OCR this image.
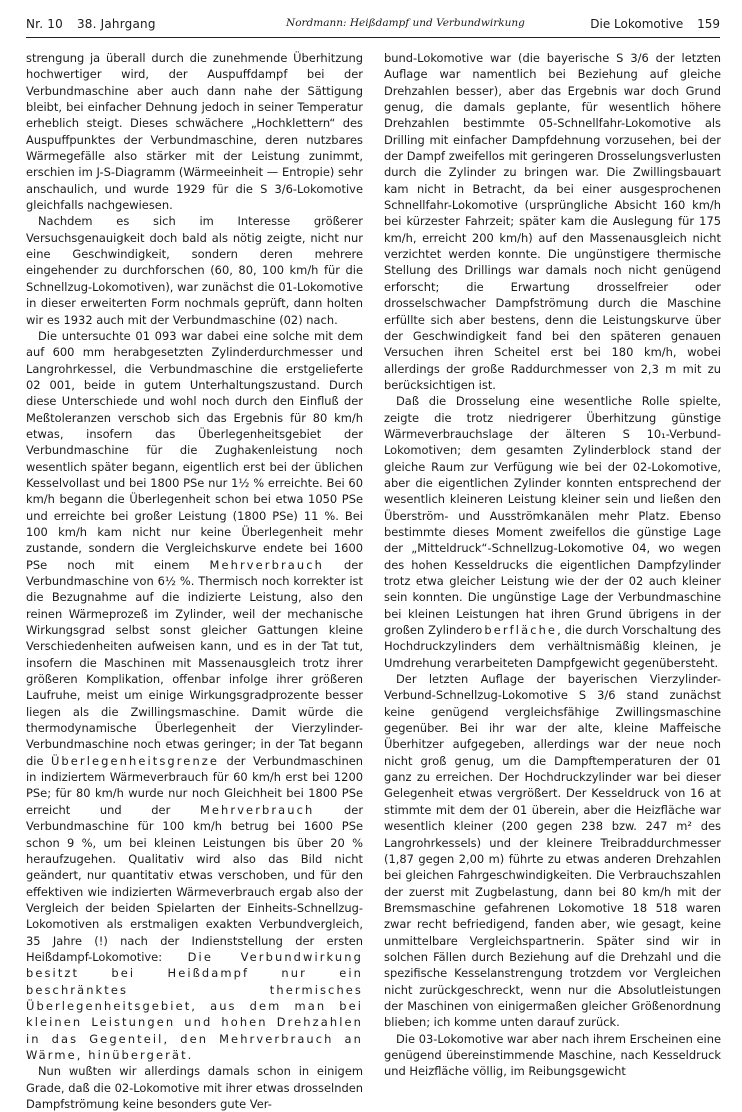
Nr. 10 38. Jahrgang	Nordmann: Heißdampf und Verbundwirkung	Die Lokomotive 159

strengung ja überall durch die zunehmende Überhitzung hochwertiger wird, der Auspuffdampf bei der Verbundmaschine aber auch dann nahe der Sättigung bleibt, bei einfacher Dehnung jedoch in seiner Temperatur erheblich steigt. Dieses schwächere „Hochklettern“ des Auspuffpunktes der Verbundmaschine, deren nutzbares Wärmegefälle also stärker mit der Leistung zunimmt, erschien im J-S-Diagramm (Wärmeeinheit — Entropie) sehr anschaulich, und wurde 1929 für die S 3/6-Lokomotive gleichfalls nachgewiesen.

Nachdem es sich im Interesse größerer Versuchsgenauigkeit doch bald als nötig zeigte, nicht nur eine Geschwindigkeit, sondern deren mehrere eingehender zu durchforschen (60, 80, 100 km/h für die Schnellzug-Lokomotiven), war zunächst die 01-Lokomotive in dieser erweiterten Form nochmals geprüft, dann holten wir es 1932 auch mit der Verbundmaschine (02) nach.

Die untersuchte 01 093 war dabei eine solche mit dem auf 600 mm herabgesetzten Zylinderdurchmesser und Langrohrkessel, die Verbundmaschine die erstgelieferte 02 001, beide in gutem Unterhaltungszustand. Durch diese Unterschiede und wohl noch durch den Einfluß der Meßtoleranzen verschob sich das Ergebnis für 80 km/h etwas, insofern das Überlegenheitsgebiet der Verbundmaschine für die Zughakenleistung noch wesentlich später begann, eigentlich erst bei der üblichen Kesselvollast und bei 1800 PSe nur 1½ % erreichte. Bei 60 km/h begann die Überlegenheit schon bei etwa 1050 PSe und erreichte bei großer Leistung (1800 PSe) 11 %. Bei 100 km/h kam nicht nur keine Überlegenheit mehr zustande, sondern die Vergleichskurve endete bei 1600 PSe noch mit einem Mehrverbrauch der Verbundmaschine von 6½ %. Thermisch noch korrekter ist die Bezugnahme auf die indizierte Leistung, also den reinen Wärmeprozeß im Zylinder, weil der mechanische Wirkungsgrad selbst sonst gleicher Gattungen kleine Verschiedenheiten aufweisen kann, und es in der Tat tut, insofern die Maschinen mit Massenausgleich trotz ihrer größeren Komplikation, offenbar infolge ihrer größeren Laufruhe, meist um einige Wirkungsgradprozente besser liegen als die Zwillingsmaschine. Damit würde die thermodynamische Überlegenheit der Vierzylinder-Verbundmaschine noch etwas geringer; in der Tat begann die Überlegenheitsgrenze der Verbundmaschinen in indiziertem Wärmeverbrauch für 60 km/h erst bei 1200 PSe; für 80 km/h wurde nur noch Gleichheit bei 1800 PSe erreicht und der	Mehrverbrauch	der Verbundmaschine für 100 km/h betrug bei 1600 PSe schon 9 %, um bei kleinen Leistungen bis über 20 % heraufzugehen. Qualitativ wird also das Bild nicht geändert, nur quantitativ etwas verschoben, und für den effektiven wie indizierten Wärmeverbrauch ergab also der Vergleich der beiden Spielarten der Einheits-Schnellzug-Lokomotiven als erstmaligen exakten Verbundvergleich, 35 Jahre (!) nach der Indienststellung der ersten Heißdampf-Lokomotive: Die Verbundwirkung besitzt bei Heißdampf nur ein beschränktes thermisches Überlegenheitsgebiet, aus dem man bei kleinen Leistungen und hohen Drehzahlen in das Gegenteil, den Mehrverbrauch an Wärme, hinübergerät.

Nun wußten wir allerdings damals schon in einigem Grade, daß die 02-Lokomotive mit ihrer etwas drosselnden Dampfströmung keine besonders gute Ver-

bund-Lokomotive war (die bayerische S 3/6 der letzten Auflage war namentlich bei Beziehung auf gleiche Drehzahlen besser), aber das Ergebnis war doch Grund genug, die damals geplante, für wesentlich höhere Drehzahlen bestimmte 05-Schnellfahr-Lokomotive als Drilling mit einfacher Dampfdehnung vorzusehen, bei der der Dampf zweifellos mit geringeren Drosselungsverlusten durch die Zylinder zu bringen war. Die Zwillingsbauart kam nicht in Betracht, da bei einer ausgesprochenen Schnellfahr-Lokomotive (ursprüngliche Absicht 160 km/h bei kürzester Fahrzeit; später kam die Auslegung für 175 km/h, erreicht 200 km/h) auf den Massenausgleich nicht verzichtet werden konnte. Die ungünstigere thermische Stellung des Drillings war damals noch nicht genügend erforscht; die Erwartung drosselfreier oder drosselschwacher Dampfströmung durch die Maschine erfüllte sich aber bestens, denn die Leistungskurve über der Geschwindigkeit fand bei den späteren genauen Versuchen ihren Scheitel erst bei 180 km/h, wobei allerdings der große Raddurchmesser von 2,3 m mit zu berücksichtigen ist.

Daß die Drosselung eine wesentliche Rolle spielte, zeigte die trotz niedrigerer Überhitzung günstige Wärmeverbrauchslage der älteren S 10₁-Verbund-Lokomotiven; dem gesamten Zylinderblock stand der gleiche Raum zur Verfügung wie bei der 02-Lokomotive, aber die eigentlichen Zylinder konnten entsprechend der wesentlich kleineren Leistung kleiner sein und ließen den Überström- und Ausströmkanälen mehr Platz. Ebenso bestimmte dieses Moment zweifellos die günstige Lage der „Mitteldruck“-Schnellzug-Lokomotive 04, wo wegen des hohen Kesseldrucks die eigentlichen Dampfzylinder trotz etwa gleicher Leistung wie der der 02 auch kleiner sein konnten. Die ungünstige Lage der Verbundmaschine bei kleinen Leistungen hat ihren Grund übrigens in der großen Zylinderoberfläche, die durch Vorschaltung des Hochdruckzylinders dem verhältnismäßig kleinen, je Umdrehung verarbeiteten Dampfgewicht gegenübersteht.

Der letzten Auflage der bayerischen Vierzylinder-Verbund-Schnellzug-Lokomotive S 3/6 stand zunächst keine genügend vergleichsfähige Zwillingsmaschine gegenüber. Bei ihr war der alte, kleine Maffeische Überhitzer aufgegeben, allerdings war der neue noch nicht groß genug, um die Dampftemperaturen der 01 ganz zu erreichen. Der Hochdruckzylinder war bei dieser Gelegenheit etwas vergrößert. Der Kesseldruck von 16 at stimmte mit dem der 01 überein, aber die Heizfläche war wesentlich kleiner (200 gegen 238 bzw. 247 m² des Langrohrkessels) und der kleinere Treibraddurchmesser (1,87 gegen 2,00 m) führte zu etwas anderen Drehzahlen bei gleichen Fahrgeschwindigkeiten. Die Verbrauchszahlen der zuerst mit Zugbelastung, dann bei 80 km/h mit der Bremsmaschine gefahrenen Lokomotive 18 518 waren zwar recht befriedigend, fanden aber, wie gesagt, keine unmittelbare Vergleichspartnerin. Später sind wir in solchen Fällen durch Beziehung auf die Drehzahl und die spezifische Kesselanstrengung trotzdem vor Vergleichen nicht zurückgeschreckt, wenn nur die Absolutleistungen der Maschinen von einigermaßen gleicher Größenordnung blieben; ich komme unten darauf zurück.

Die 03-Lokomotive war aber nach ihrem Erscheinen eine genügend übereinstimmende Maschine, nach Kesseldruck und Heizfläche völlig, im Reibungsgewicht
